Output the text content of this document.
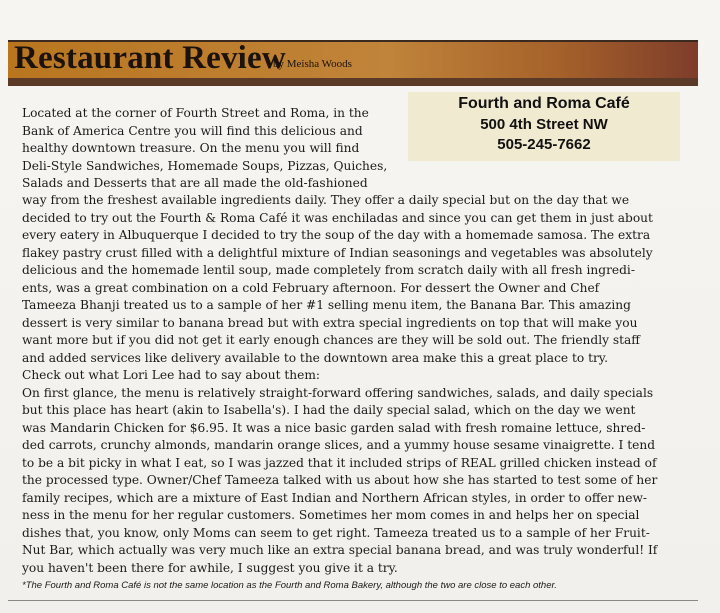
Restaurant Review
by Meisha Woods
Fourth and Roma Café
500 4th Street NW
505-245-7662
Located at the corner of Fourth Street and Roma, in the
Bank of America Centre you will find this delicious and
healthy downtown treasure. On the menu you will find
Deli-Style Sandwiches, Homemade Soups, Pizzas, Quiches,
Salads and Desserts that are all made the old-fashioned
way from the freshest available ingredients daily. They offer a daily special but on the day that we
decided to try out the Fourth & Roma Café it was enchiladas and since you can get them in just about
every eatery in Albuquerque I decided to try the soup of the day with a homemade samosa. The extra
flakey pastry crust filled with a delightful mixture of Indian seasonings and vegetables was absolutely
delicious and the homemade lentil soup, made completely from scratch daily with all fresh ingredi-
ents, was a great combination on a cold February afternoon. For dessert the Owner and Chef
Tameeza Bhanji treated us to a sample of her #1 selling menu item, the Banana Bar. This amazing
dessert is very similar to banana bread but with extra special ingredients on top that will make you
want more but if you did not get it early enough chances are they will be sold out. The friendly staff
and added services like delivery available to the downtown area make this a great place to try.
Check out what Lori Lee had to say about them:
On first glance, the menu is relatively straight-forward offering sandwiches, salads, and daily specials
but this place has heart (akin to Isabella's). I had the daily special salad, which on the day we went
was Mandarin Chicken for $6.95. It was a nice basic garden salad with fresh romaine lettuce, shred-
ded carrots, crunchy almonds, mandarin orange slices, and a yummy house sesame vinaigrette. I tend
to be a bit picky in what I eat, so I was jazzed that it included strips of REAL grilled chicken instead of
the processed type. Owner/Chef Tameeza talked with us about how she has started to test some of her
family recipes, which are a mixture of East Indian and Northern African styles, in order to offer new-
ness in the menu for her regular customers. Sometimes her mom comes in and helps her on special
dishes that, you know, only Moms can seem to get right. Tameeza treated us to a sample of her Fruit-
Nut Bar, which actually was very much like an extra special banana bread, and was truly wonderful! If
you haven't been there for awhile, I suggest you give it a try.
*The Fourth and Roma Café is not the same location as the Fourth and Roma Bakery, although the two are close to each other.
